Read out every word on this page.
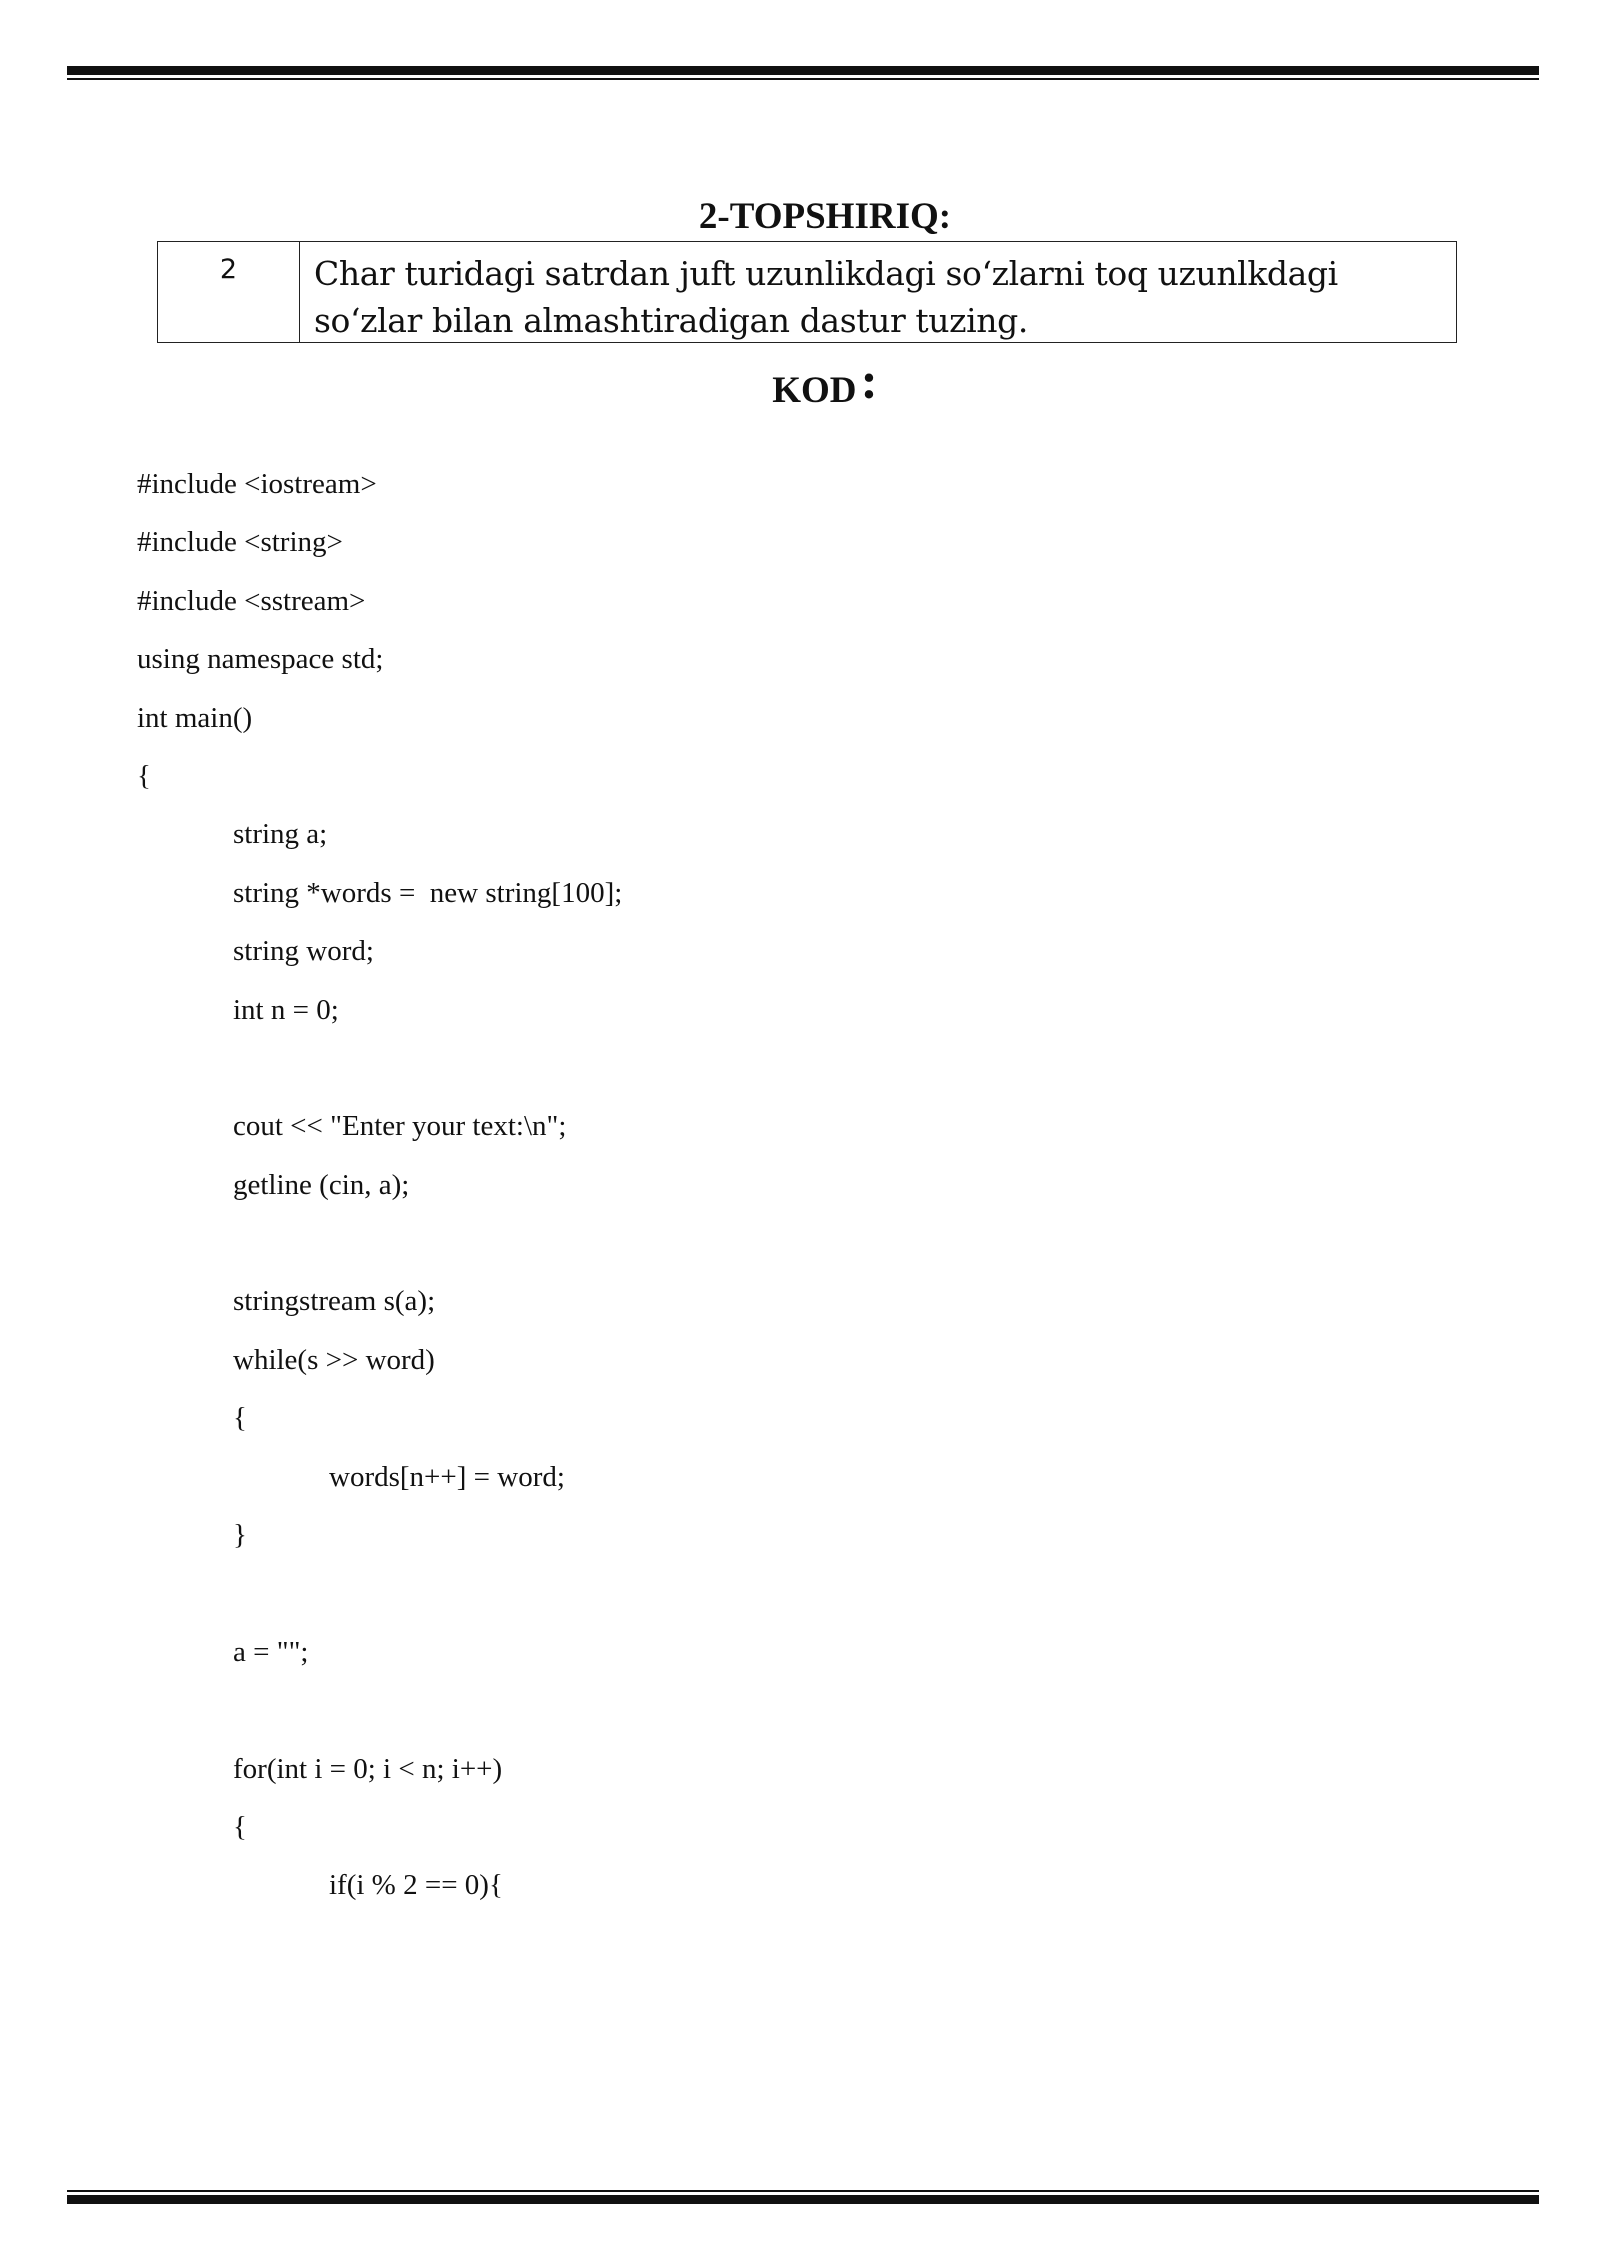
2-TOPSHIRIQ:
2	Char turidagi satrdan juft uzunlikdagi so‘zlarni toq uzunlkdagi so‘zlar bilan almashtiradigan dastur tuzing.
KOD:
#include <iostream>
#include <string>
#include <sstream>
using namespace std;
int main()
{
string a;
string *words =  new string[100];
string word;
int n = 0;
cout << "Enter your text:\n";
getline (cin, a);
stringstream s(a);
while(s >> word)
{
words[n++] = word;
}
a = "";
for(int i = 0; i < n; i++)
{
if(i % 2 == 0){
